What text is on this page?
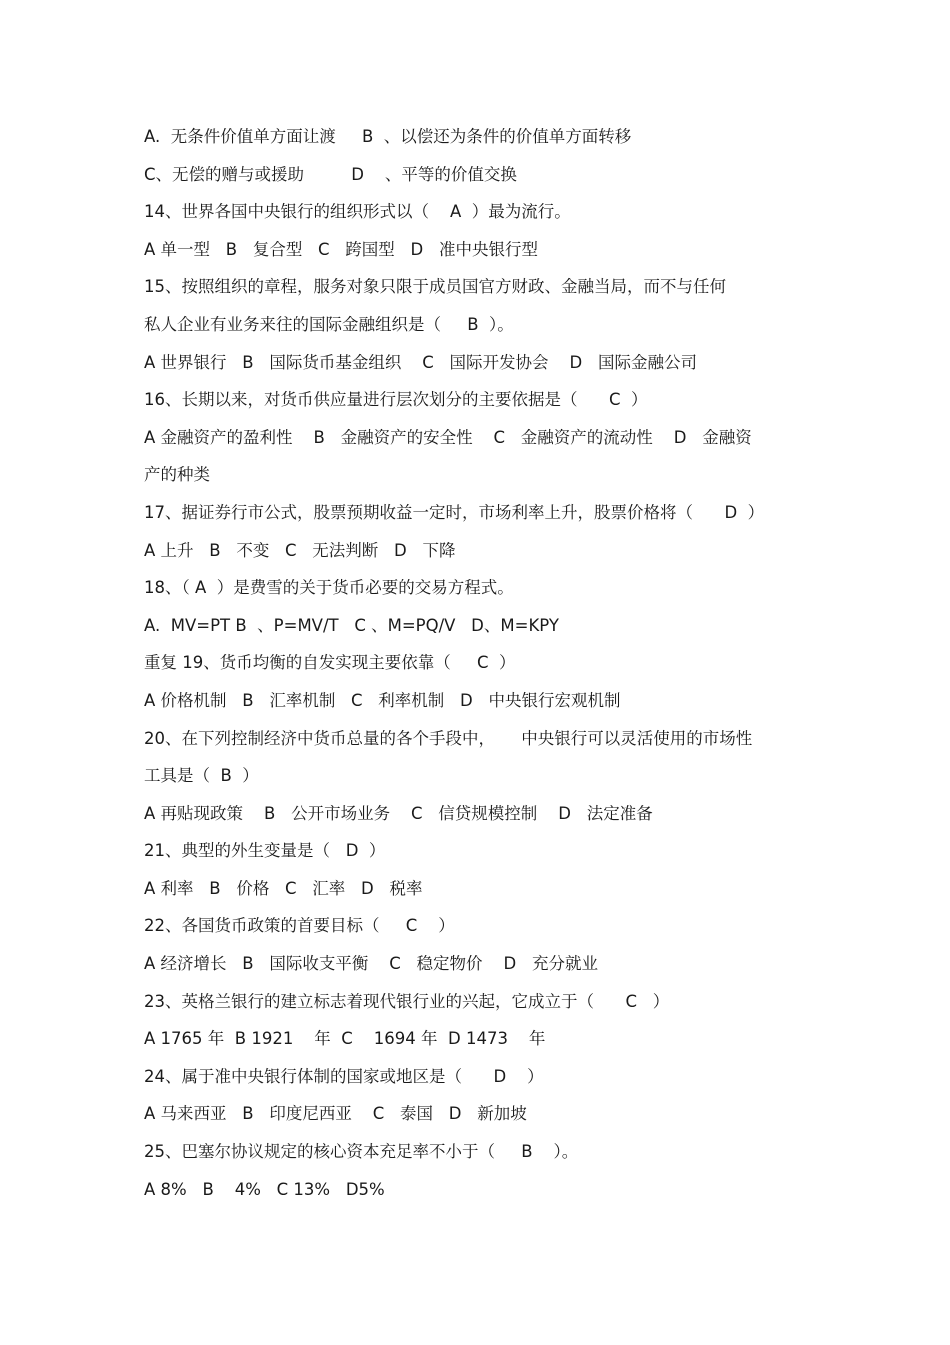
A.  无条件价值单方面让渡     B  、以偿还为条件的价值单方面转移
C、无偿的赠与或援助         D    、平等的价值交换
14、世界各国中央银行的组织形式以（    A  ）最为流行。
A 单一型   B   复合型   C   跨国型   D   准中央银行型
15、按照组织的章程，服务对象只限于成员国官方财政、金融当局，而不与任何
私人企业有业务来往的国际金融组织是（     B  ）。
A 世界银行   B   国际货币基金组织    C   国际开发协会    D   国际金融公司
16、长期以来，对货币供应量进行层次划分的主要依据是（      C  ）
A 金融资产的盈利性    B   金融资产的安全性    C   金融资产的流动性    D   金融资
产的种类
17、据证券行市公式，股票预期收益一定时，市场利率上升，股票价格将（      D  ）
A 上升   B   不变   C   无法判断   D   下降
18、（ A  ）是费雪的关于货币必要的交易方程式。
A.  MV=PT B  、P=MV/T   C 、M=PQ/V   D、M=KPY
重复 19、货币均衡的自发实现主要依靠（     C  ）
A 价格机制   B   汇率机制   C   利率机制   D   中央银行宏观机制
20、在下列控制经济中货币总量的各个手段中，     中央银行可以灵活使用的市场性
工具是（  B  ）
A 再贴现政策    B   公开市场业务    C   信贷规模控制    D   法定准备
21、典型的外生变量是（   D  ）
A 利率   B   价格   C   汇率   D   税率
22、各国货币政策的首要目标（     C    ）
A 经济增长   B   国际收支平衡    C   稳定物价    D   充分就业
23、英格兰银行的建立标志着现代银行业的兴起，它成立于（      C   ）
A 1765 年  B 1921    年  C    1694 年  D 1473    年
24、属于准中央银行体制的国家或地区是（      D    ）
A 马来西亚   B   印度尼西亚    C   泰国   D   新加坡
25、巴塞尔协议规定的核心资本充足率不小于（     B    ）。
A 8%   B    4%   C 13%   D5%
